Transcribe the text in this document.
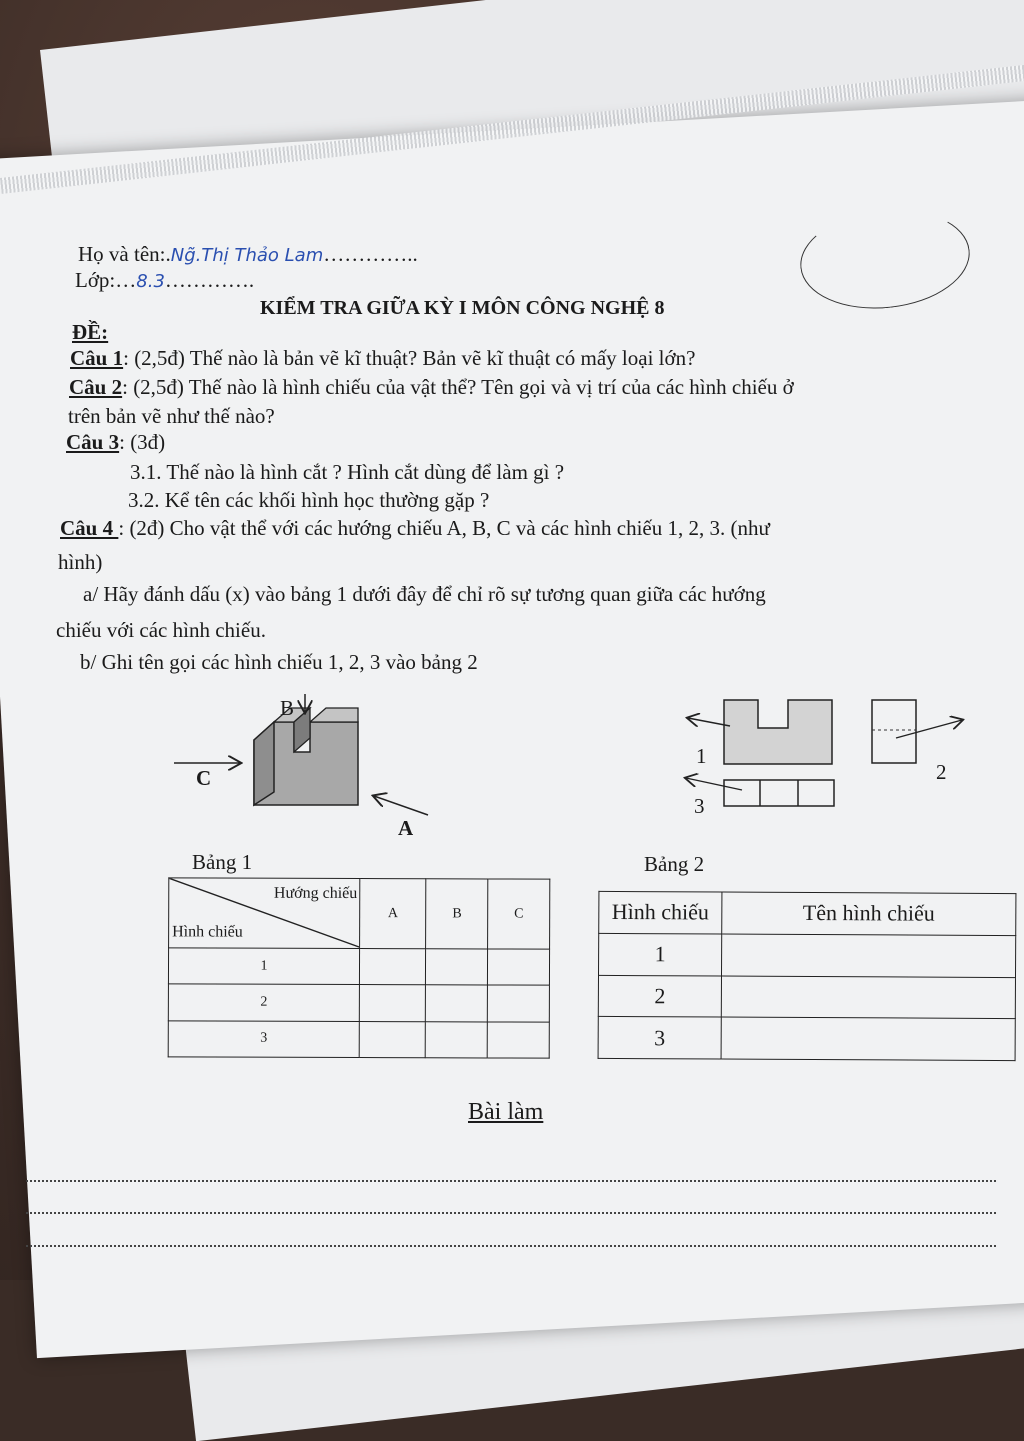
Họ và tên:.Ng̃.Thị Thảo Lam…………..
Lớp:…8.3………….
KIỂM TRA GIỮA KỲ I MÔN CÔNG NGHỆ 8
ĐỀ:
Câu 1: (2,5đ) Thế nào là bản vẽ kĩ thuật? Bản vẽ kĩ thuật có mấy loại lớn?
Câu 2: (2,5đ) Thế nào là hình chiếu của vật thể? Tên gọi và vị trí của các hình chiếu ở
trên bản vẽ như thế nào?
Câu 3: (3đ)
3.1. Thế nào là hình cắt ? Hình cắt dùng để làm gì ?
3.2. Kể tên các khối hình học thường gặp ?
Câu 4 : (2đ) Cho vật thể với các hướng chiếu A, B, C và các hình chiếu 1, 2, 3. (như
hình)
a/ Hãy đánh dấu (x) vào bảng 1 dưới đây để chỉ rõ sự tương quan giữa các hướng
chiếu với các hình chiếu.
b/ Ghi tên gọi các hình chiếu 1, 2, 3 vào bảng 2
B
C
A
1
2
3
Bảng 1
Hướng chiếu
Hình chiếu	A	B	C
1			
2			
3			
Bảng 2
Hình chiếu	Tên hình chiếu
1	
2	
3	
Bài làm
